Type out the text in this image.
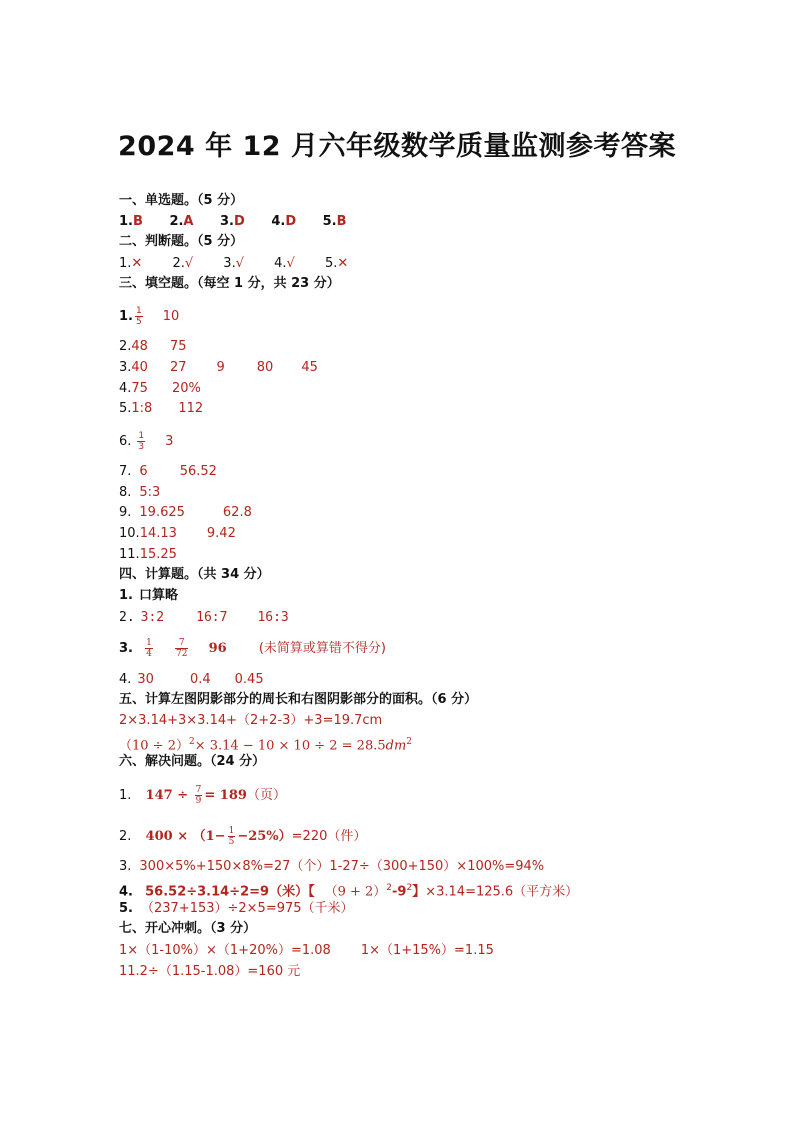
2024 年 12 月六年级数学质量监测参考答案
一、单选题。（5 分）
1.B 2.A 3.D 4.D 5.B
二、判断题。（5 分）
1.✕ 2.√ 3.√ 4.√ 5.✕
三、填空题。（每空 1 分，共 23 分）
1. $\frac{1}{5} 10$
2.48 75
3.40 27 9 80 45
4.75 20%
5.1:8 112
6. $\frac{1}{3} 3$
7. 6 56.52
8. 5:3
9. 19.625	62.8
10.14.13 9.42
11.15.25
四、计算题。（共 34 分）
1. 口算略
2. 3:2 16:7 16:3
3. $\frac{1}{4}$
$\frac{7}{72} 96$ (未简算或算错不得分)
4. 30	0.4 0.45
五、计算左图阴影部分的周长和右图阴影部分的面积。（6 分）
2×3.14+3×3.14+（2+2-3）+3=19.7cm
$(10 \div 2)^2\times 3.14 - 10 \times 10 \div 2 = 28.5dm^2$
六、解决问题。（24 分）
1. $147 \div \frac{7}{9} = 189$（页）
2. $400 \times (1- \frac{1}{5} -25\%)=220$（件）
3. 300×5%+150×8%=27（个）1-27÷（300+150）×100%=94%
4. 56.52÷3.14÷2=9（米）【 $(9 + 2)^2-9^2$】×3.14=125.6（平方米）
5. （237+153）÷2×5=975（千米）
七、开心冲刺。（3 分）
1×（1-10%）×（1+20%）=1.08 1×（1+15%）=1.15
11.2÷（1.15-1.08）=160 元
